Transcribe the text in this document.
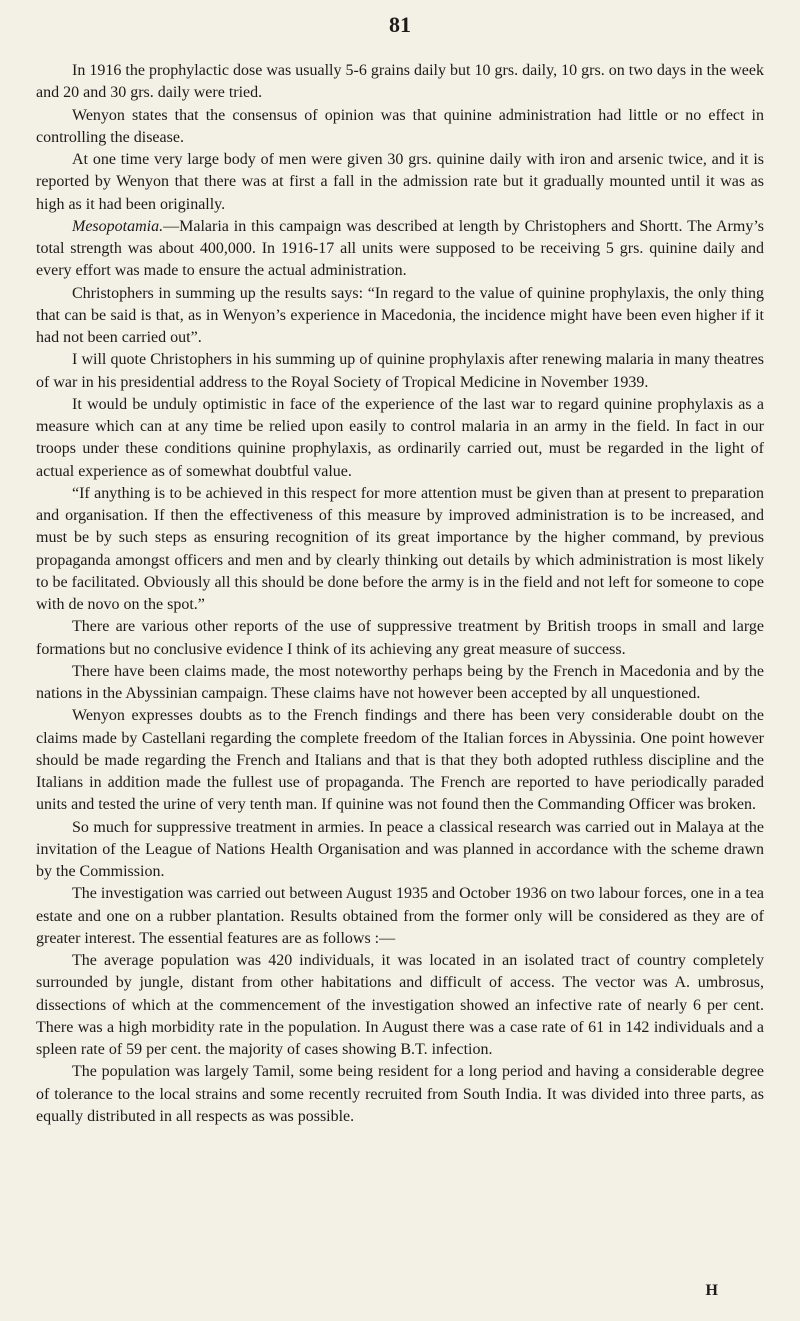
81

In 1916 the prophylactic dose was usually 5-6 grains daily but 10 grs. daily, 10 grs. on two days in the week and 20 and 30 grs. daily were tried.

Wenyon states that the consensus of opinion was that quinine administration had little or no effect in controlling the disease.

At one time very large body of men were given 30 grs. quinine daily with iron and arsenic twice, and it is reported by Wenyon that there was at first a fall in the admission rate but it gradually mounted until it was as high as it had been originally.

Mesopotamia.—Malaria in this campaign was described at length by Christophers and Shortt. The Army’s total strength was about 400,000. In 1916-17 all units were supposed to be receiving 5 grs. quinine daily and every effort was made to ensure the actual administration.

Christophers in summing up the results says: “In regard to the value of quinine prophylaxis, the only thing that can be said is that, as in Wenyon’s experience in Macedonia, the incidence might have been even higher if it had not been carried out”.

I will quote Christophers in his summing up of quinine prophylaxis after renewing malaria in many theatres of war in his presidential address to the Royal Society of Tropical Medicine in November 1939.

It would be unduly optimistic in face of the experience of the last war to regard quinine prophylaxis as a measure which can at any time be relied upon easily to control malaria in an army in the field. In fact in our troops under these conditions quinine prophylaxis, as ordinarily carried out, must be regarded in the light of actual experience as of somewhat doubtful value.

“If anything is to be achieved in this respect for more attention must be given than at present to preparation and organisation. If then the effectiveness of this measure by improved administration is to be increased, and must be by such steps as ensuring recognition of its great importance by the higher command, by previous propaganda amongst officers and men and by clearly thinking out details by which administration is most likely to be facilitated. Obviously all this should be done before the army is in the field and not left for someone to cope with de novo on the spot.”

There are various other reports of the use of suppressive treatment by British troops in small and large formations but no conclusive evidence I think of its achieving any great measure of success.

There have been claims made, the most noteworthy perhaps being by the French in Macedonia and by the nations in the Abyssinian campaign. These claims have not however been accepted by all unquestioned.

Wenyon expresses doubts as to the French findings and there has been very considerable doubt on the claims made by Castellani regarding the complete freedom of the Italian forces in Abyssinia. One point however should be made regarding the French and Italians and that is that they both adopted ruthless discipline and the Italians in addition made the fullest use of propaganda. The French are reported to have periodically paraded units and tested the urine of very tenth man. If quinine was not found then the Commanding Officer was broken.

So much for suppressive treatment in armies. In peace a classical research was carried out in Malaya at the invitation of the League of Nations Health Organisation and was planned in accordance with the scheme drawn by the Commission.

The investigation was carried out between August 1935 and October 1936 on two labour forces, one in a tea estate and one on a rubber plantation. Results obtained from the former only will be considered as they are of greater interest. The essential features are as follows :—

The average population was 420 individuals, it was located in an isolated tract of country completely surrounded by jungle, distant from other habitations and difficult of access. The vector was A. umbrosus, dissections of which at the commencement of the investigation showed an infective rate of nearly 6 per cent. There was a high morbidity rate in the population. In August there was a case rate of 61 in 142 individuals and a spleen rate of 59 per cent. the majority of cases showing B.T. infection.

The population was largely Tamil, some being resident for a long period and having a considerable degree of tolerance to the local strains and some recently recruited from South India. It was divided into three parts, as equally distributed in all respects as was possible.

H
